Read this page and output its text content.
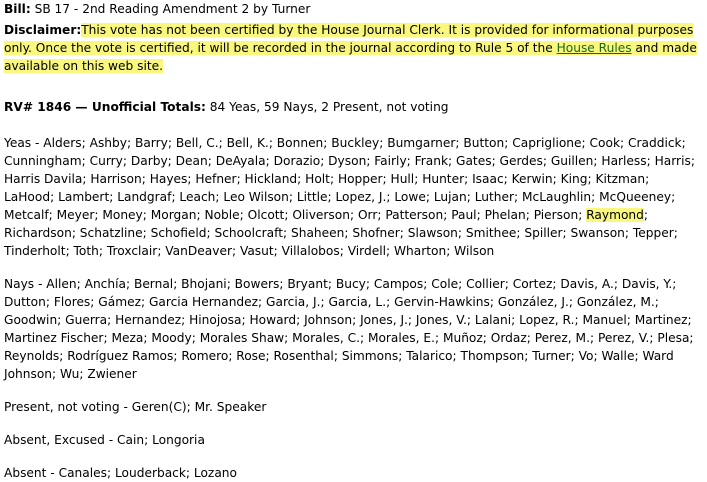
Bill: SB 17 - 2nd Reading Amendment 2 by Turner
Disclaimer:This vote has not been certified by the House Journal Clerk. It is provided for informational purposes only. Once the vote is certified, it will be recorded in the journal according to Rule 5 of the House Rules and made available on this web site.
RV# 1846 — Unofficial Totals: 84 Yeas, 59 Nays, 2 Present, not voting
Yeas - Alders; Ashby; Barry; Bell, C.; Bell, K.; Bonnen; Buckley; Bumgarner; Button; Capriglione; Cook; Craddick; Cunningham; Curry; Darby; Dean; DeAyala; Dorazio; Dyson; Fairly; Frank; Gates; Gerdes; Guillen; Harless; Harris; Harris Davila; Harrison; Hayes; Hefner; Hickland; Holt; Hopper; Hull; Hunter; Isaac; Kerwin; King; Kitzman; LaHood; Lambert; Landgraf; Leach; Leo Wilson; Little; Lopez, J.; Lowe; Lujan; Luther; McLaughlin; McQueeney; Metcalf; Meyer; Money; Morgan; Noble; Olcott; Oliverson; Orr; Patterson; Paul; Phelan; Pierson; Raymond; Richardson; Schatzline; Schofield; Schoolcraft; Shaheen; Shofner; Slawson; Smithee; Spiller; Swanson; Tepper; Tinderholt; Toth; Troxclair; VanDeaver; Vasut; Villalobos; Virdell; Wharton; Wilson
Nays - Allen; Anchía; Bernal; Bhojani; Bowers; Bryant; Bucy; Campos; Cole; Collier; Cortez; Davis, A.; Davis, Y.; Dutton; Flores; Gámez; Garcia Hernandez; Garcia, J.; Garcia, L.; Gervin-Hawkins; González, J.; González, M.; Goodwin; Guerra; Hernandez; Hinojosa; Howard; Johnson; Jones, J.; Jones, V.; Lalani; Lopez, R.; Manuel; Martinez; Martinez Fischer; Meza; Moody; Morales Shaw; Morales, C.; Morales, E.; Muñoz; Ordaz; Perez, M.; Perez, V.; Plesa; Reynolds; Rodríguez Ramos; Romero; Rose; Rosenthal; Simmons; Talarico; Thompson; Turner; Vo; Walle; Ward Johnson; Wu; Zwiener
Present, not voting - Geren(C); Mr. Speaker
Absent, Excused - Cain; Longoria
Absent - Canales; Louderback; Lozano
